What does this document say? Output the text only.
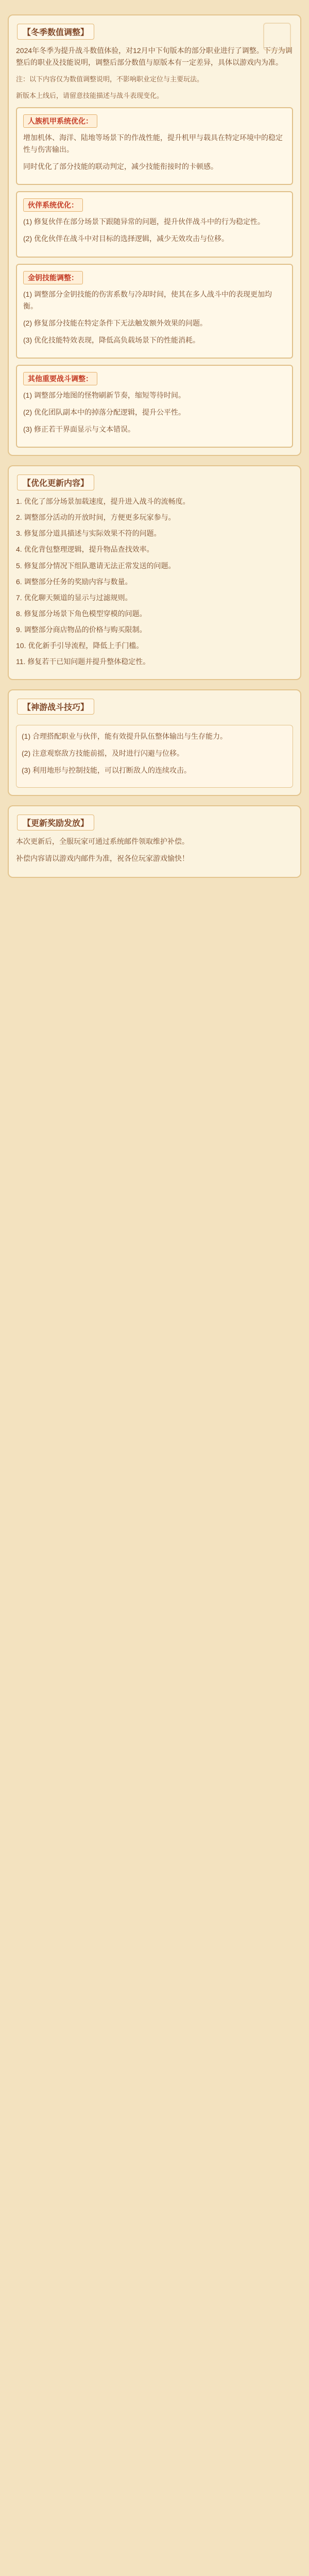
【冬季数值调整】

2024年冬季为提升战斗数值体验，对12月中下旬版本的部分职业进行了调整。下方为调整后的职业及技能说明，调整后部分数值与原版本有一定差异，具体以游戏内为准。

注：以下内容仅为数值调整说明，不影响职业定位与主要玩法。

新版本上线后，请留意技能描述与战斗表现变化。

人族机甲系统优化：

增加机体、海洋、陆地等场景下的作战性能，提升机甲与载具在特定环境中的稳定性与伤害输出。

同时优化了部分技能的联动判定，减少技能衔接时的卡顿感。

伙伴系统优化：

(1) 修复伙伴在部分场景下跟随异常的问题，提升伙伴战斗中的行为稳定性。

(2) 优化伙伴在战斗中对目标的选择逻辑，减少无效攻击与位移。

金钥技能调整：

(1) 调整部分金钥技能的伤害系数与冷却时间，使其在多人战斗中的表现更加均衡。

(2) 修复部分技能在特定条件下无法触发额外效果的问题。

(3) 优化技能特效表现，降低高负载场景下的性能消耗。

其他重要战斗调整：

(1) 调整部分地图的怪物刷新节奏，缩短等待时间。

(2) 优化团队副本中的掉落分配逻辑，提升公平性。

(3) 修正若干界面显示与文本错误。

【优化更新内容】

1. 优化了部分场景加载速度，提升进入战斗的流畅度。

2. 调整部分活动的开放时间，方便更多玩家参与。

3. 修复部分道具描述与实际效果不符的问题。

4. 优化背包整理逻辑，提升物品查找效率。

5. 修复部分情况下组队邀请无法正常发送的问题。

6. 调整部分任务的奖励内容与数量。

7. 优化聊天频道的显示与过滤规则。

8. 修复部分场景下角色模型穿模的问题。

9. 调整部分商店物品的价格与购买限制。

10. 优化新手引导流程，降低上手门槛。

11. 修复若干已知问题并提升整体稳定性。

【神游战斗技巧】

(1) 合理搭配职业与伙伴，能有效提升队伍整体输出与生存能力。

(2) 注意观察敌方技能前摇，及时进行闪避与位移。

(3) 利用地形与控制技能，可以打断敌人的连续攻击。

【更新奖励发放】

本次更新后，全服玩家可通过系统邮件领取维护补偿。

补偿内容请以游戏内邮件为准，祝各位玩家游戏愉快！
